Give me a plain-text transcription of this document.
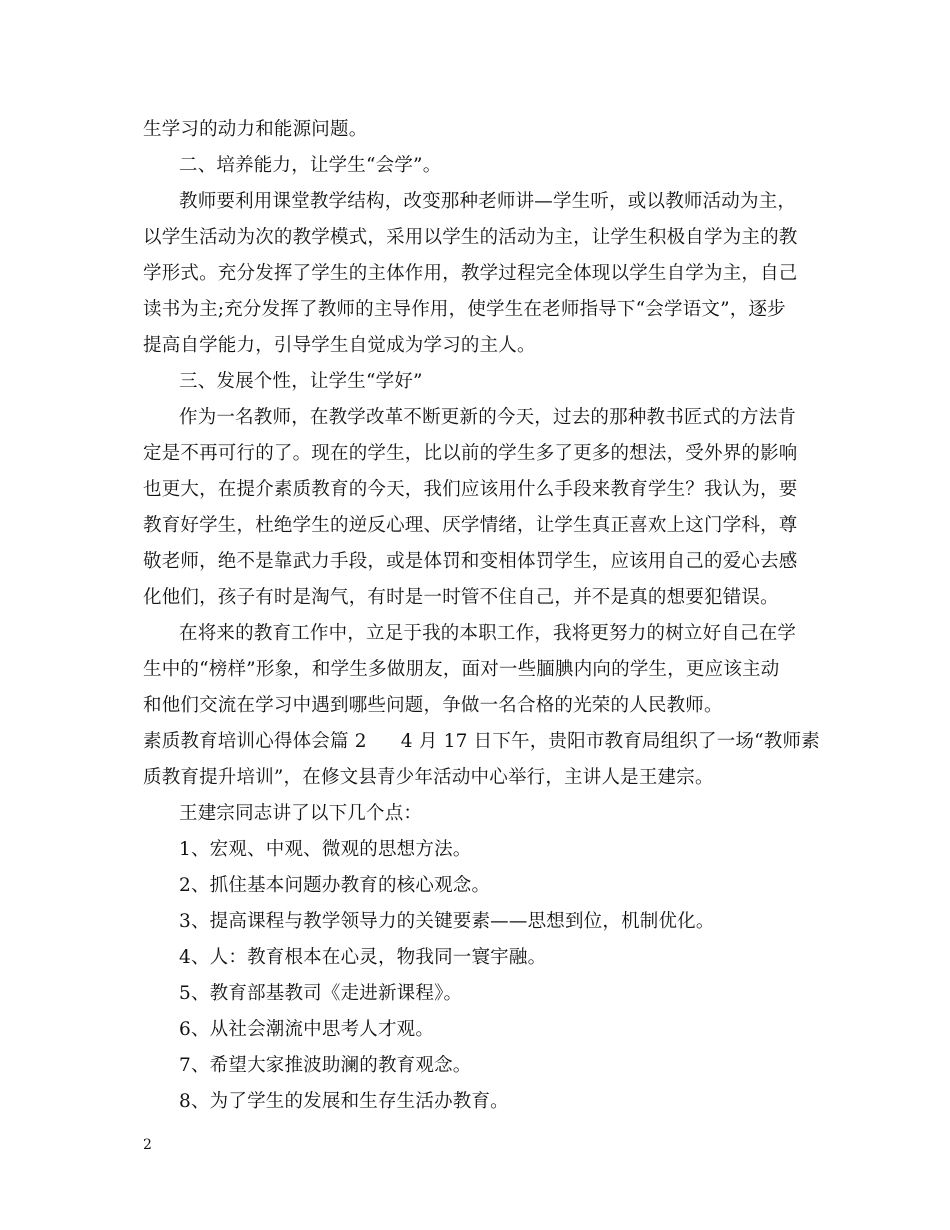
生学习的动力和能源问题。
二、培养能力，让学生“会学”。
教师要利用课堂教学结构，改变那种老师讲—学生听，或以教师活动为主，
以学生活动为次的教学模式，采用以学生的活动为主，让学生积极自学为主的教
学形式。充分发挥了学生的主体作用，教学过程完全体现以学生自学为主，自己
读书为主;充分发挥了教师的主导作用，使学生在老师指导下“会学语文”，逐步
提高自学能力，引导学生自觉成为学习的主人。
三、发展个性，让学生“学好”
作为一名教师，在教学改革不断更新的今天，过去的那种教书匠式的方法肯
定是不再可行的了。现在的学生，比以前的学生多了更多的想法，受外界的影响
也更大，在提介素质教育的今天，我们应该用什么手段来教育学生？我认为，要
教育好学生，杜绝学生的逆反心理、厌学情绪，让学生真正喜欢上这门学科，尊
敬老师，绝不是靠武力手段，或是体罚和变相体罚学生，应该用自己的爱心去感
化他们，孩子有时是淘气，有时是一时管不住自己，并不是真的想要犯错误。
在将来的教育工作中，立足于我的本职工作，我将更努力的树立好自己在学
生中的“榜样”形象，和学生多做朋友，面对一些腼腆内向的学生，更应该主动
和他们交流在学习中遇到哪些问题，争做一名合格的光荣的人民教师。
素质教育培训心得体会篇 2 4 月 17 日下午，贵阳市教育局组织了一场“教师素
质教育提升培训”，在修文县青少年活动中心举行，主讲人是王建宗。
王建宗同志讲了以下几个点：
1、宏观、中观、微观的思想方法。
2、抓住基本问题办教育的核心观念。
3、提高课程与教学领导力的关键要素——思想到位，机制优化。
4、人：教育根本在心灵，物我同一寰宇融。
5、教育部基教司《走进新课程》。
6、从社会潮流中思考人才观。
7、希望大家推波助澜的教育观念。
8、为了学生的发展和生存生活办教育。
2
